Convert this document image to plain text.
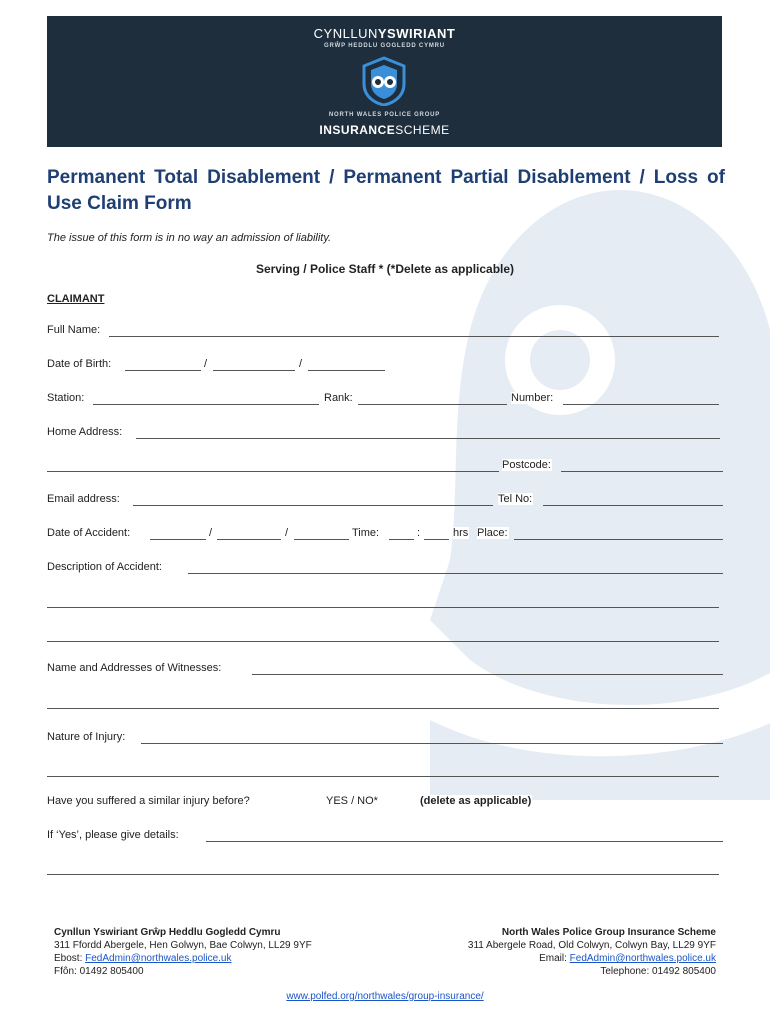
CYNLLUNYSWIRIANT
GRŴP HEDDLU GOGLEDD CYMRU
NORTH WALES POLICE GROUP
INSURANCESCHEME
Permanent Total Disablement / Permanent Partial Disablement / Loss of Use Claim Form
The issue of this form is in no way an admission of liability.
Serving / Police Staff * (*Delete as applicable)
CLAIMANT
Full Name:
Date of Birth:	/	/
Station:	Rank:	Number:
Home Address:
Postcode:
Email address:	Tel No:
Date of Accident:	/	/	Time:	:	hrs Place:
Description of Accident:
Name and Addresses of Witnesses:
Nature of Injury:
Have you suffered a similar injury before?	YES / NO*	(delete as applicable)
If ‘Yes’, please give details:
Cynllun Yswiriant Grŵp Heddlu Gogledd Cymru
311 Ffordd Abergele, Hen Golwyn, Bae Colwyn, LL29 9YF
Ebost: FedAdmin@northwales.police.uk
Ffôn: 01492 805400
North Wales Police Group Insurance Scheme
311 Abergele Road, Old Colwyn, Colwyn Bay, LL29 9YF
Email: FedAdmin@northwales.police.uk
Telephone: 01492 805400
www.polfed.org/northwales/group-insurance/
